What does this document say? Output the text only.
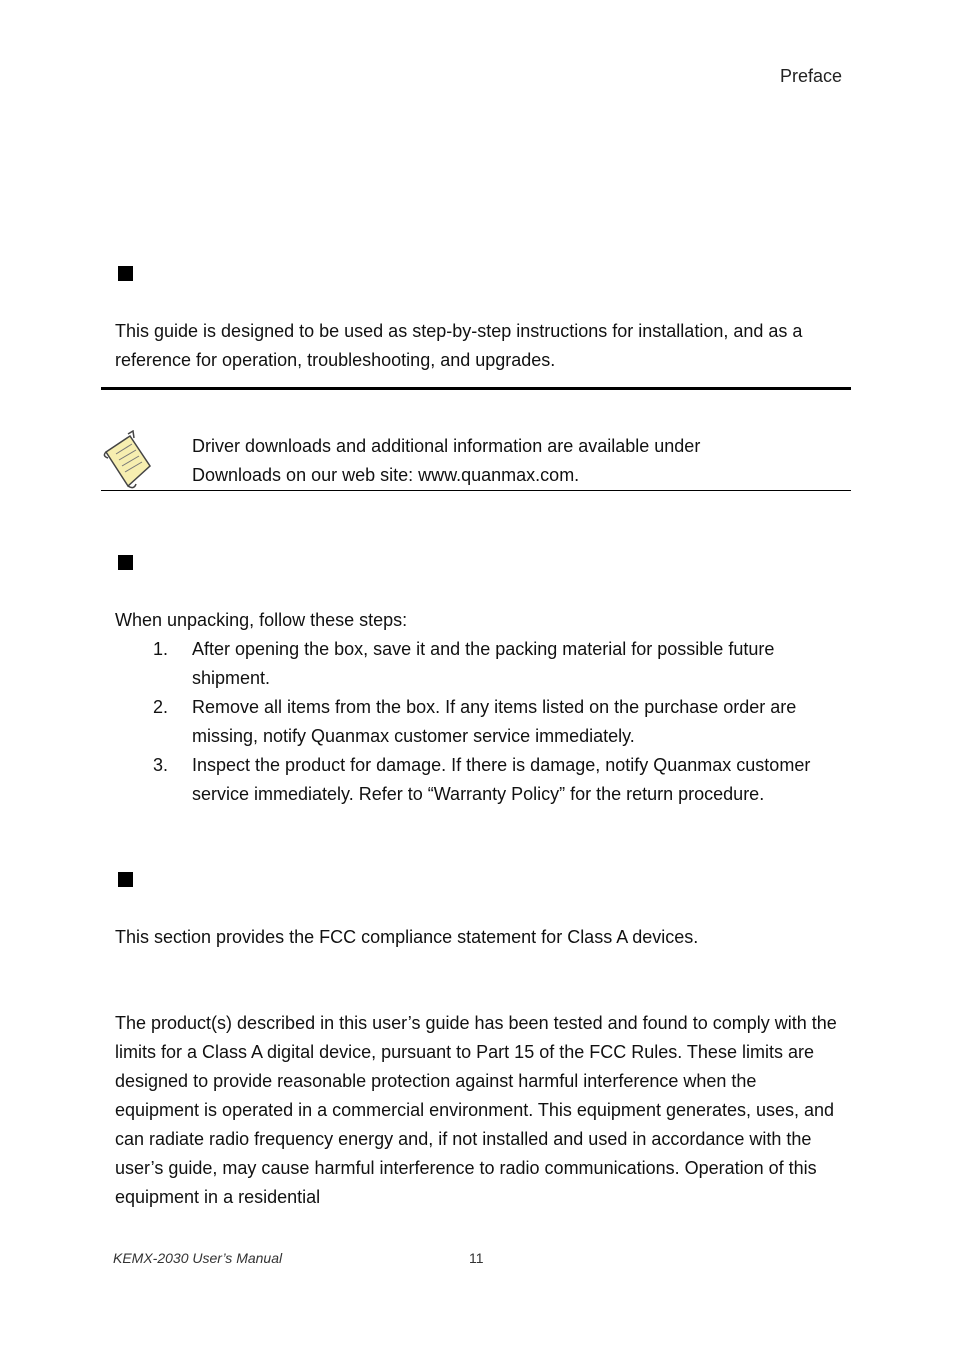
Preface
This guide is designed to be used as step-by-step instructions for installation, and as a reference for operation, troubleshooting, and upgrades.
Driver downloads and additional information are available under
Downloads on our web site: www.quanmax.com.
When unpacking, follow these steps:
1.	After opening the box, save it and the packing material for possible future shipment.
2.	Remove all items from the box. If any items listed on the purchase order are missing, notify Quanmax customer service immediately.
3.	Inspect the product for damage. If there is damage, notify Quanmax customer service immediately. Refer to “Warranty Policy” for the return procedure.
This section provides the FCC compliance statement for Class A devices.
The product(s) described in this user’s guide has been tested and found to comply with the limits for a Class A digital device, pursuant to Part 15 of the FCC Rules. These limits are designed to provide reasonable protection against harmful interference when the equipment is operated in a commercial environment. This equipment generates, uses, and can radiate radio frequency energy and, if not installed and used in accordance with the user’s guide, may cause harmful interference to radio communications. Operation of this equipment in a residential
KEMX-2030 User’s Manual	11
